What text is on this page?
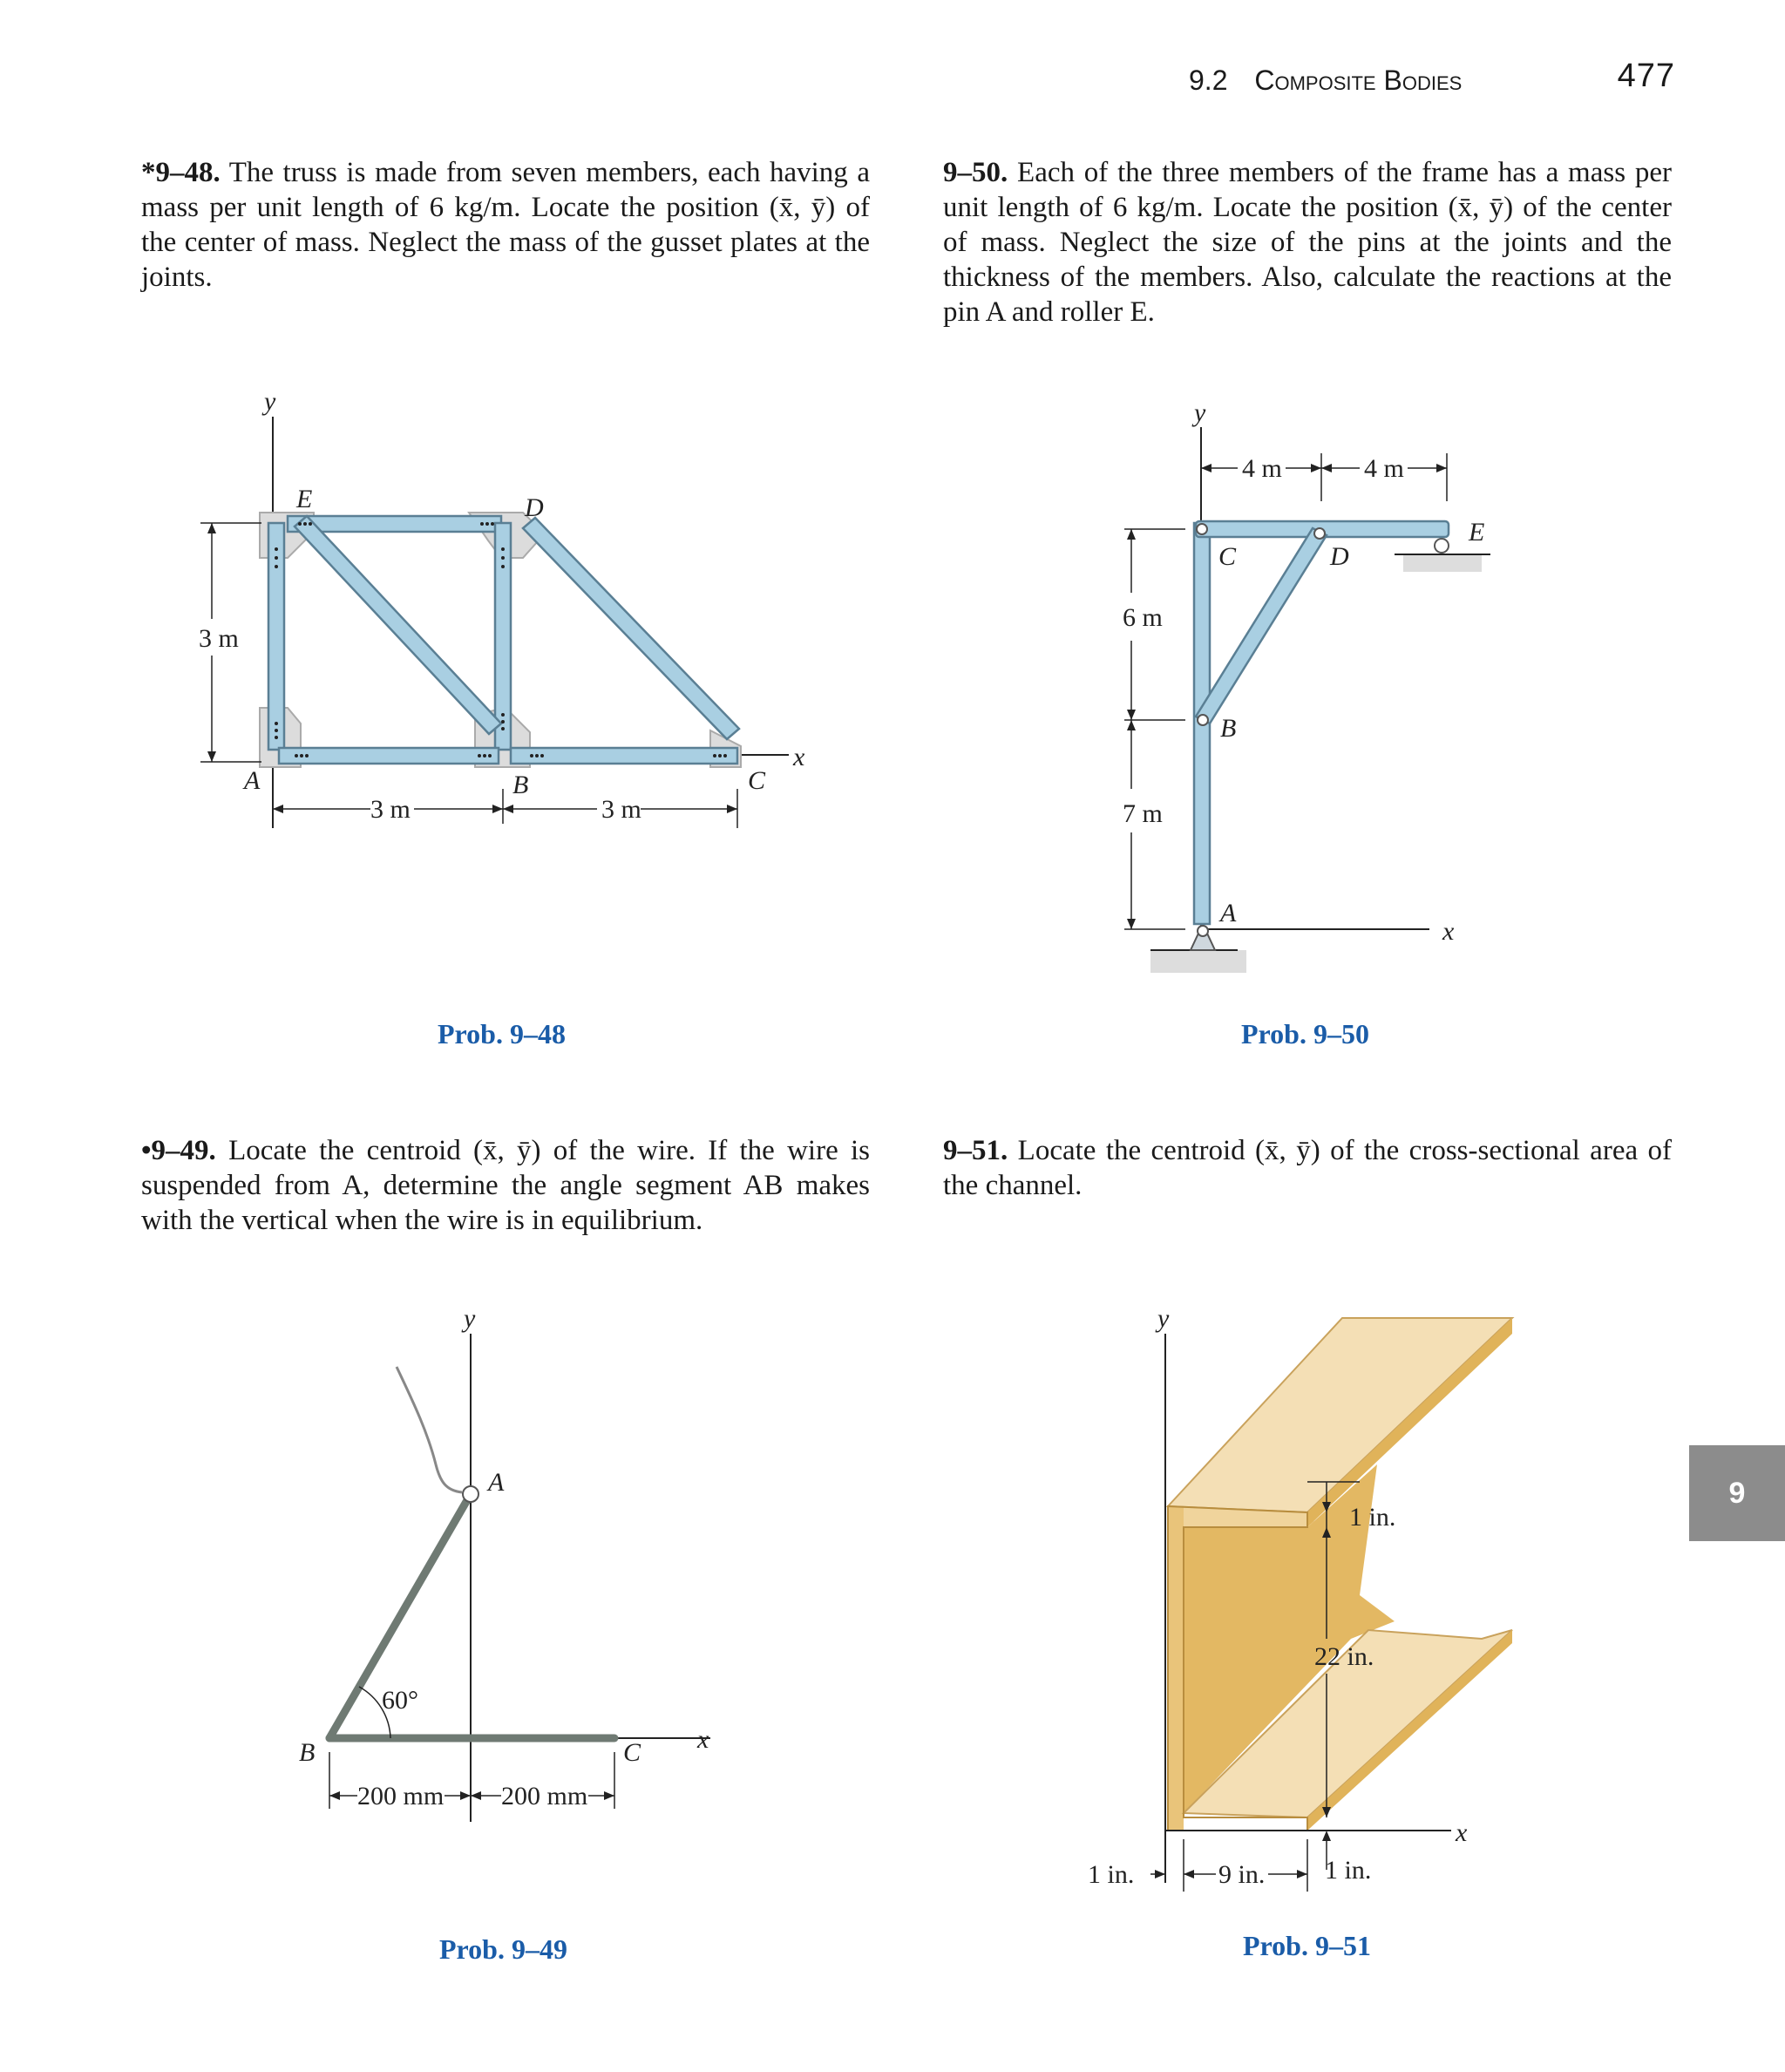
9.2 Composite Bodies	477
*9–48. The truss is made from seven members, each having a mass per unit length of 6 kg/m. Locate the position (x̄, ȳ) of the center of mass. Neglect the mass of the gusset plates at the joints.
9–50. Each of the three members of the frame has a mass per unit length of 6 kg/m. Locate the position (x̄, ȳ) of the center of mass. Neglect the size of the pins at the joints and the thickness of the members. Also, calculate the reactions at the pin A and roller E.
•9–49. Locate the centroid (x̄, ȳ) of the wire. If the wire is suspended from A, determine the angle segment AB makes with the vertical when the wire is in equilibrium.
9–51. Locate the centroid (x̄, ȳ) of the cross-sectional area of the channel.
y
x
E	D
A	B	C
3 m
3 m	3 m
Prob. 9–48
y
x
4 m	4 m
6 m
7 m
C	D
E
B
A
Prob. 9–50
y
x
A
B	C
60°
200 mm 200 mm
Prob. 9–49
y
x
1 in.
22 in.
1 in.	9 in. 1 in.
Prob. 9–51
9
